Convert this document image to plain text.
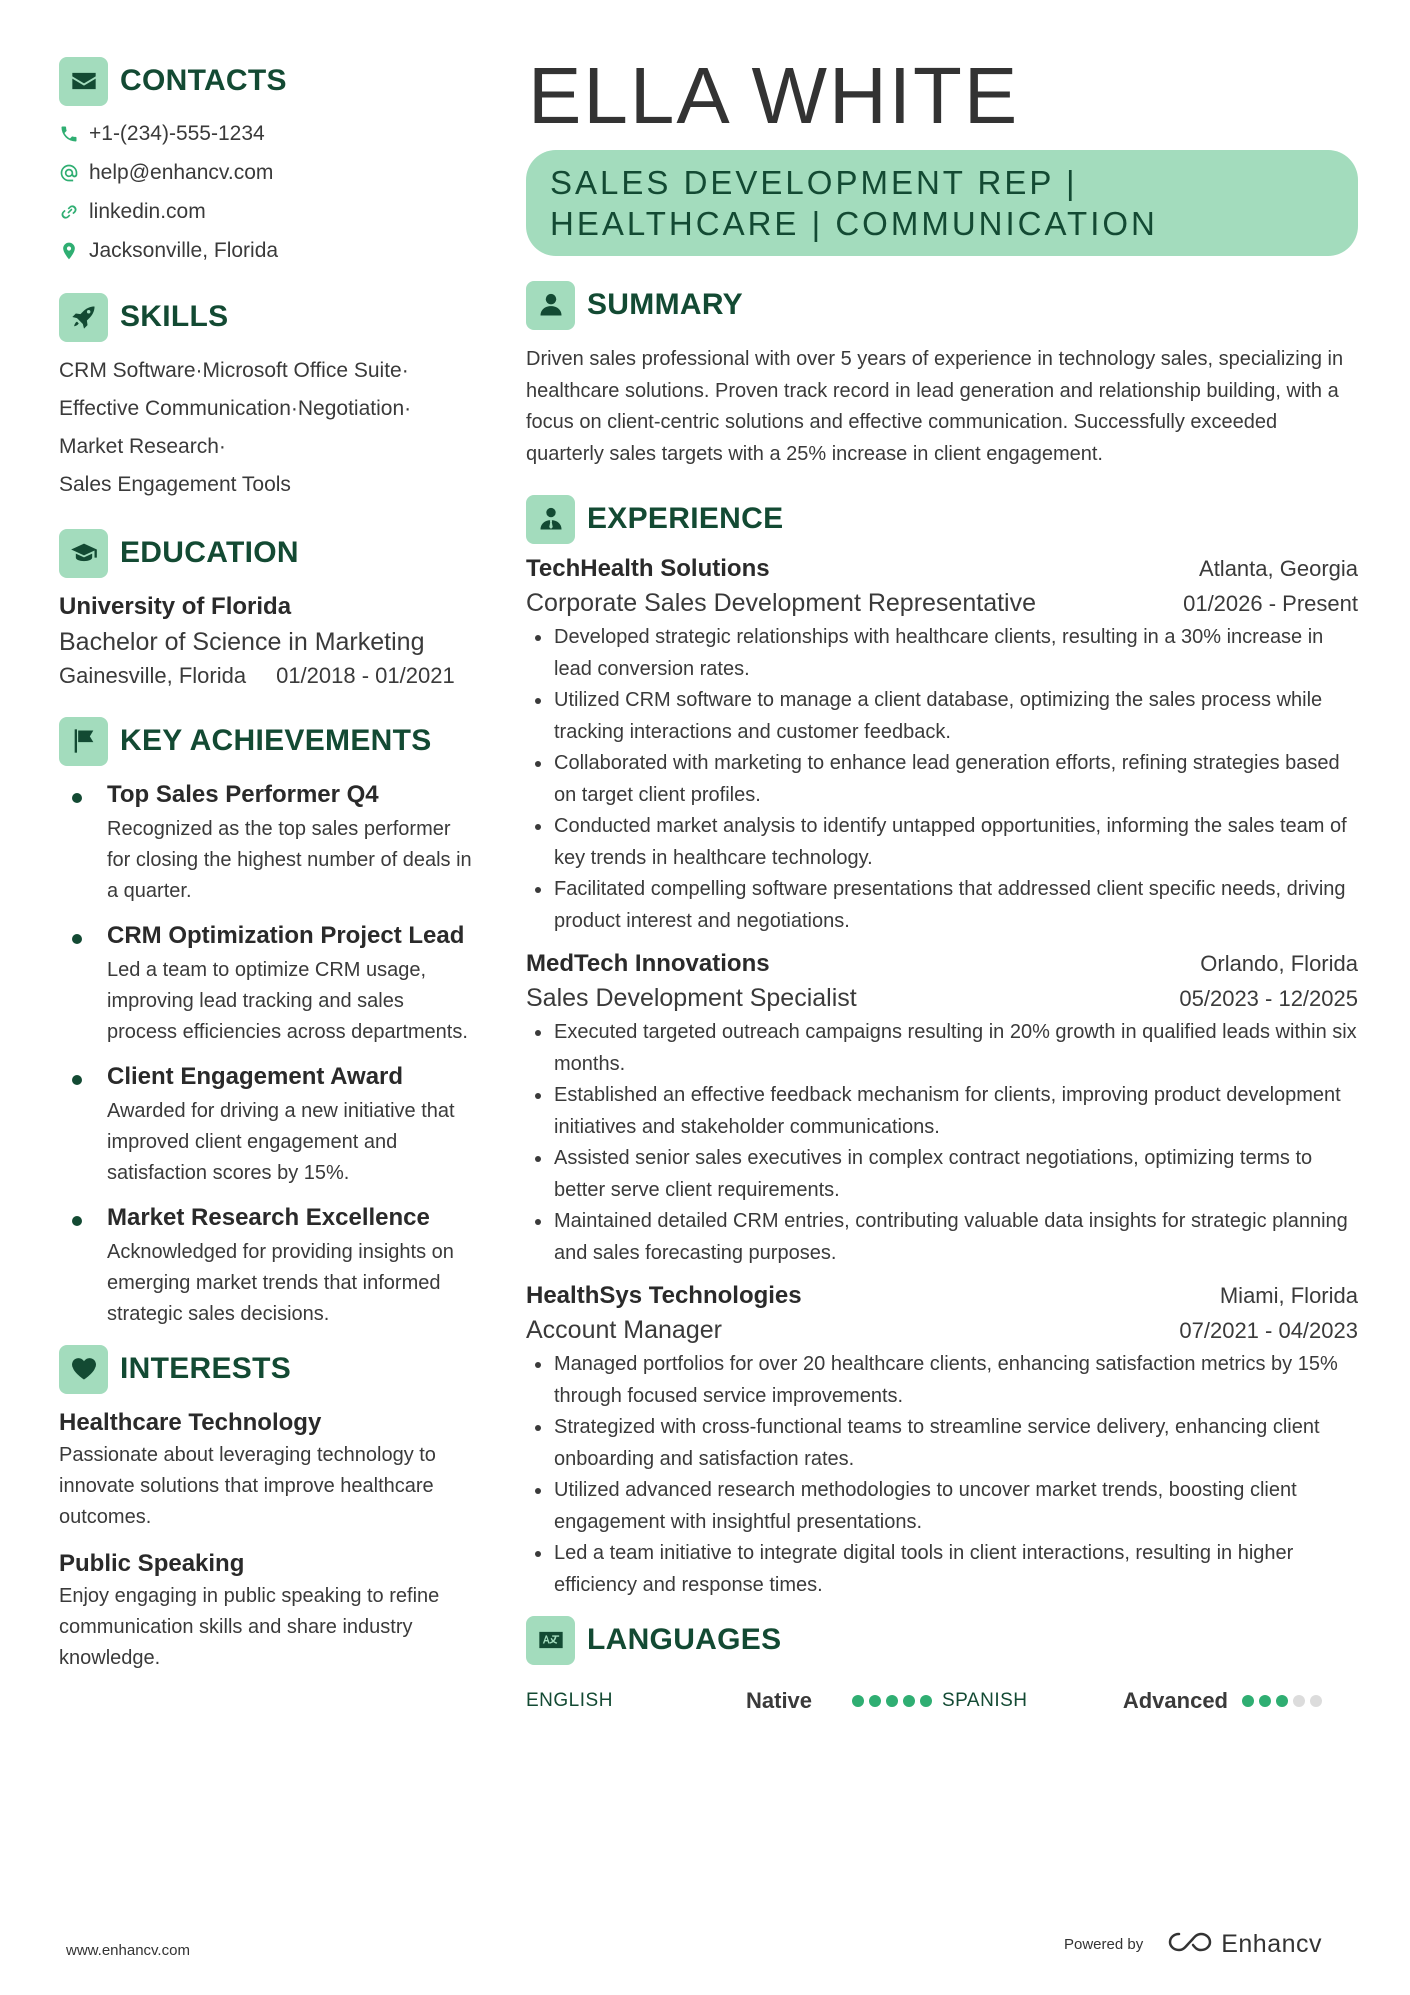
CONTACTS
+1-(234)-555-1234
help@enhancv.com
linkedin.com
Jacksonville, Florida
SKILLS
CRM Software·Microsoft Office Suite·
Effective Communication·Negotiation·
Market Research·
Sales Engagement Tools
EDUCATION
University of Florida
Bachelor of Science in Marketing
Gainesville, Florida 01/2018 - 01/2021
KEY ACHIEVEMENTS
Top Sales Performer Q4
Recognized as the top sales performer for closing the highest number of deals in a quarter.
CRM Optimization Project Lead
Led a team to optimize CRM usage, improving lead tracking and sales process efficiencies across departments.
Client Engagement Award
Awarded for driving a new initiative that improved client engagement and satisfaction scores by 15%.
Market Research Excellence
Acknowledged for providing insights on emerging market trends that informed strategic sales decisions.
INTERESTS
Healthcare Technology
Passionate about leveraging technology to innovate solutions that improve healthcare outcomes.
Public Speaking
Enjoy engaging in public speaking to refine communication skills and share industry knowledge.
ELLA WHITE
SALES DEVELOPMENT REP | HEALTHCARE | COMMUNICATION
SUMMARY
Driven sales professional with over 5 years of experience in technology sales, specializing in healthcare solutions. Proven track record in lead generation and relationship building, with a focus on client-centric solutions and effective communication. Successfully exceeded quarterly sales targets with a 25% increase in client engagement.
EXPERIENCE
TechHealth Solutions	Atlanta, Georgia
Corporate Sales Development Representative	01/2026 - Present
Developed strategic relationships with healthcare clients, resulting in a 30% increase in lead conversion rates.
Utilized CRM software to manage a client database, optimizing the sales process while tracking interactions and customer feedback.
Collaborated with marketing to enhance lead generation efforts, refining strategies based on target client profiles.
Conducted market analysis to identify untapped opportunities, informing the sales team of key trends in healthcare technology.
Facilitated compelling software presentations that addressed client specific needs, driving product interest and negotiations.
MedTech Innovations	Orlando, Florida
Sales Development Specialist	05/2023 - 12/2025
Executed targeted outreach campaigns resulting in 20% growth in qualified leads within six months.
Established an effective feedback mechanism for clients, improving product development initiatives and stakeholder communications.
Assisted senior sales executives in complex contract negotiations, optimizing terms to better serve client requirements.
Maintained detailed CRM entries, contributing valuable data insights for strategic planning and sales forecasting purposes.
HealthSys Technologies	Miami, Florida
Account Manager	07/2021 - 04/2023
Managed portfolios for over 20 healthcare clients, enhancing satisfaction metrics by 15% through focused service improvements.
Strategized with cross-functional teams to streamline service delivery, enhancing client onboarding and satisfaction rates.
Utilized advanced research methodologies to uncover market trends, boosting client engagement with insightful presentations.
Led a team initiative to integrate digital tools in client interactions, resulting in higher efficiency and response times.
LANGUAGES
ENGLISH	Native	SPANISH	Advanced
www.enhancv.com	Powered by	Enhancv
